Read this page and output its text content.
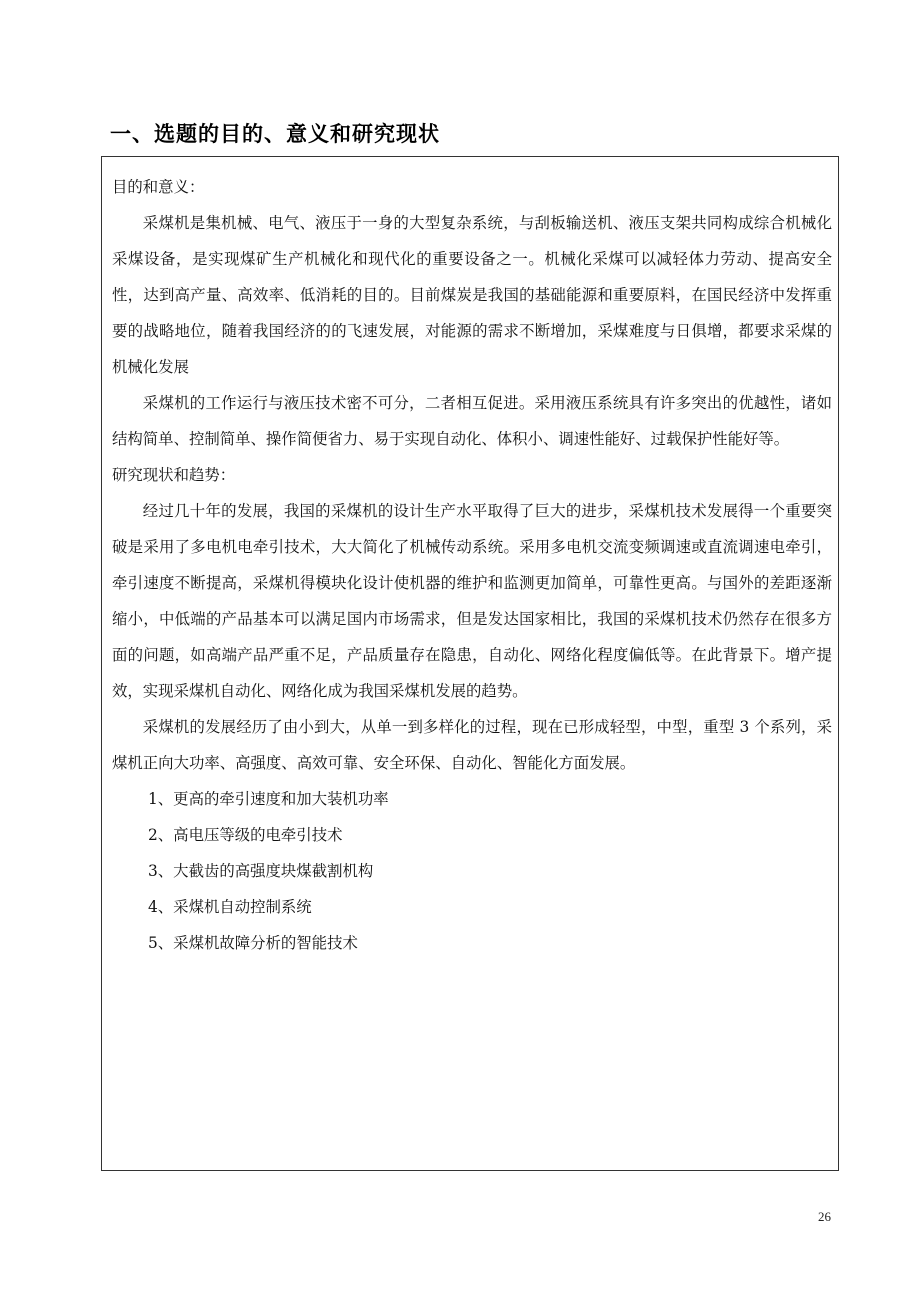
一、选题的目的、意义和研究现状

目的和意义：

采煤机是集机械、电气、液压于一身的大型复杂系统，与刮板输送机、液压支架共同构成综合机械化采煤设备，是实现煤矿生产机械化和现代化的重要设备之一。机械化采煤可以减轻体力劳动、提高安全性，达到高产量、高效率、低消耗的目的。目前煤炭是我国的基础能源和重要原料，在国民经济中发挥重要的战略地位，随着我国经济的的飞速发展，对能源的需求不断增加，采煤难度与日俱增，都要求采煤的机械化发展

采煤机的工作运行与液压技术密不可分，二者相互促进。采用液压系统具有许多突出的优越性，诸如结构简单、控制简单、操作简便省力、易于实现自动化、体积小、调速性能好、过载保护性能好等。

研究现状和趋势：

经过几十年的发展，我国的采煤机的设计生产水平取得了巨大的进步，采煤机技术发展得一个重要突破是采用了多电机电牵引技术，大大简化了机械传动系统。采用多电机交流变频调速或直流调速电牵引，牵引速度不断提高，采煤机得模块化设计使机器的维护和监测更加简单，可靠性更高。与国外的差距逐渐缩小，中低端的产品基本可以满足国内市场需求，但是发达国家相比，我国的采煤机技术仍然存在很多方面的问题，如高端产品严重不足，产品质量存在隐患，自动化、网络化程度偏低等。在此背景下。增产提效，实现采煤机自动化、网络化成为我国采煤机发展的趋势。

采煤机的发展经历了由小到大，从单一到多样化的过程，现在已形成轻型，中型，重型 3 个系列，采煤机正向大功率、高强度、高效可靠、安全环保、自动化、智能化方面发展。

1、更高的牵引速度和加大装机功率

2、高电压等级的电牵引技术

3、大截齿的高强度块煤截割机构

4、采煤机自动控制系统

5、采煤机故障分析的智能技术

26
